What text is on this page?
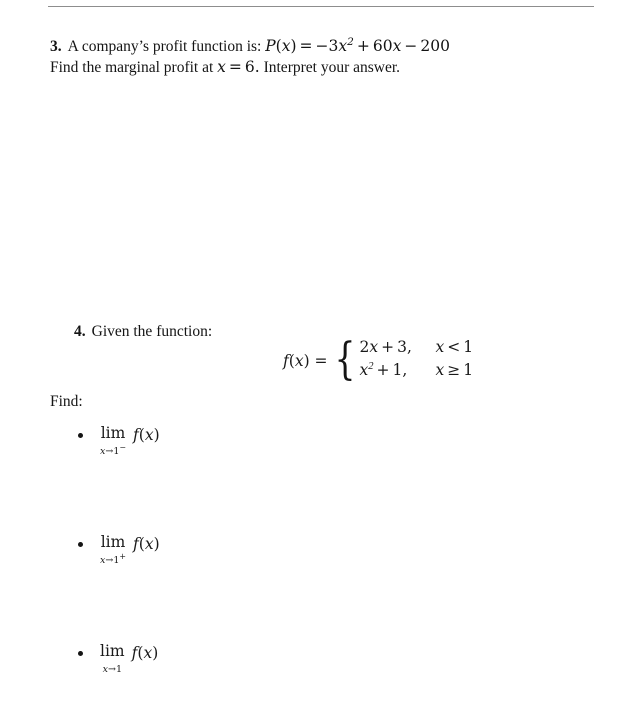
3. A company’s profit function is: $P(x) = -3x^2 + 60x - 200$
Find the marginal profit at x = 6. Interpret your answer.
4. Given the function:
f(x) = { 2x + 3,	x < 1
$x^2 + 1$,	x ≥ 1
Find:
lim
x→1−
f(x)
lim
x→1+
f(x)
lim
x→1
f(x)
